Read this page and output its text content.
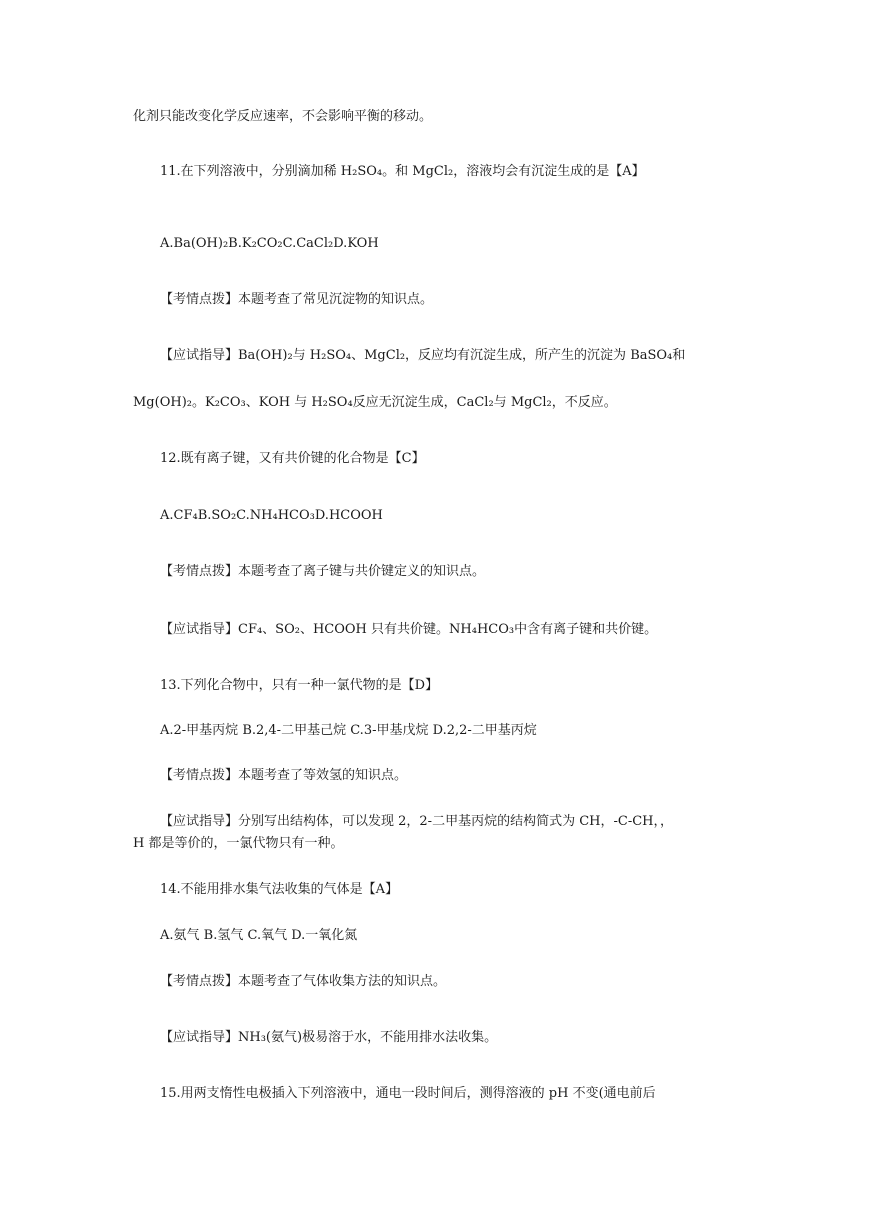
化剂只能改变化学反应速率，不会影响平衡的移动。
11.在下列溶液中，分别滴加稀 H₂SO₄。和 MgCl₂，溶液均会有沉淀生成的是【A】
A.Ba(OH)₂B.K₂CO₂C.CaCl₂D.KOH
【考情点拨】本题考查了常见沉淀物的知识点。
【应试指导】Ba(OH)₂与 H₂SO₄、MgCl₂，反应均有沉淀生成，所产生的沉淀为 BaSO₄和
Mg(OH)₂。K₂CO₃、KOH 与 H₂SO₄反应无沉淀生成，CaCl₂与 MgCl₂，不反应。
12.既有离子键，又有共价键的化合物是【C】
A.CF₄B.SO₂C.NH₄HCO₃D.HCOOH
【考情点拨】本题考查了离子键与共价键定义的知识点。
【应试指导】CF₄、SO₂、HCOOH 只有共价键。NH₄HCO₃中含有离子键和共价键。
13.下列化合物中，只有一种一氯代物的是【D】
A.2-甲基丙烷 B.2,4-二甲基己烷 C.3-甲基戊烷 D.2,2-二甲基丙烷
【考情点拨】本题考查了等效氢的知识点。
【应试指导】分别写出结构体，可以发现 2，2-二甲基丙烷的结构简式为 CH，-C-CH，，
H 都是等价的，一氯代物只有一种。
14.不能用排水集气法收集的气体是【A】
A.氨气 B.氢气 C.氧气 D.一氧化氮
【考情点拨】本题考查了气体收集方法的知识点。
【应试指导】NH₃(氨气)极易溶于水，不能用排水法收集。
15.用两支惰性电极插入下列溶液中，通电一段时间后，测得溶液的 pH 不变(通电前后
